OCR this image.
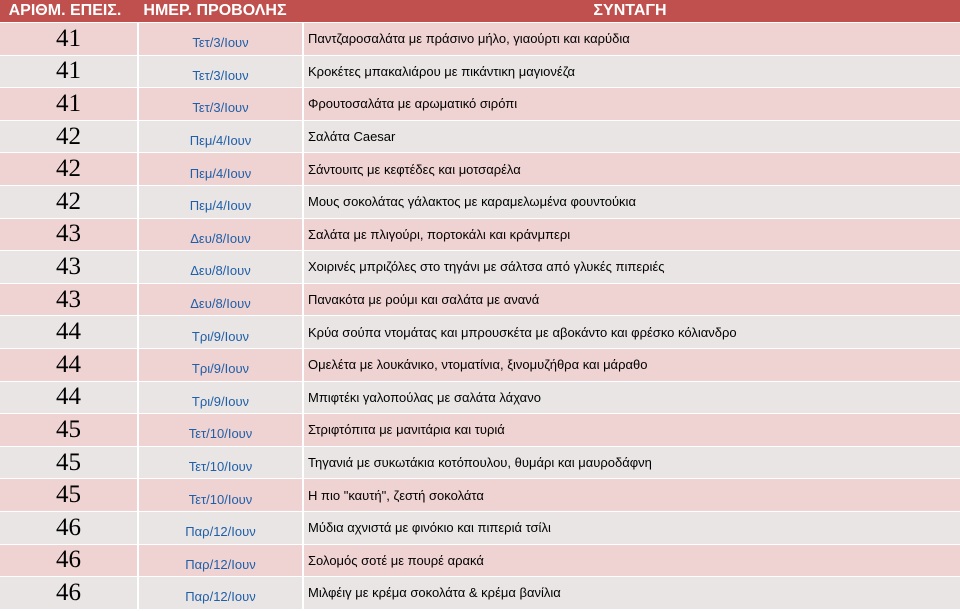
ΑΡΙΘΜ. ΕΠΕΙΣ.	ΗΜΕΡ. ΠΡΟΒΟΛΗΣ	ΣΥΝΤΑΓΗ
41	Τετ/3/Ιουν	Παντζαροσαλάτα με πράσινο μήλο, γιαούρτι και καρύδια
41	Τετ/3/Ιουν	Κροκέτες μπακαλιάρου με πικάντικη μαγιονέζα
41	Τετ/3/Ιουν	Φρουτοσαλάτα με αρωματικό σιρόπι
42	Πεμ/4/Ιουν	Σαλάτα Caesar
42	Πεμ/4/Ιουν	Σάντουιτς με κεφτέδες και μοτσαρέλα
42	Πεμ/4/Ιουν	Μους σοκολάτας γάλακτος με καραμελωμένα φουντούκια
43	Δευ/8/Ιουν	Σαλάτα με πλιγούρι, πορτοκάλι και κράνμπερι
43	Δευ/8/Ιουν	Χοιρινές μπριζόλες στο τηγάνι με σάλτσα από γλυκές πιπεριές
43	Δευ/8/Ιουν	Πανακότα με ρούμι και σαλάτα με ανανά
44	Τρι/9/Ιουν	Κρύα σούπα ντομάτας και μπρουσκέτα με αβοκάντο και φρέσκο κόλιανδρο
44	Τρι/9/Ιουν	Ομελέτα με λουκάνικο, ντοματίνια, ξινομυζήθρα και μάραθο
44	Τρι/9/Ιουν	Μπιφτέκι γαλοπούλας με σαλάτα λάχανο
45	Τετ/10/Ιουν	Στριφτόπιτα με μανιτάρια και τυριά
45	Τετ/10/Ιουν	Τηγανιά με συκωτάκια κοτόπουλου, θυμάρι και μαυροδάφνη
45	Τετ/10/Ιουν	Η πιο "καυτή", ζεστή σοκολάτα
46	Παρ/12/Ιουν	Μύδια αχνιστά με φινόκιο και πιπεριά τσίλι
46	Παρ/12/Ιουν	Σολομός σοτέ με πουρέ αρακά
46	Παρ/12/Ιουν	Μιλφέιγ με κρέμα σοκολάτα & κρέμα βανίλια
